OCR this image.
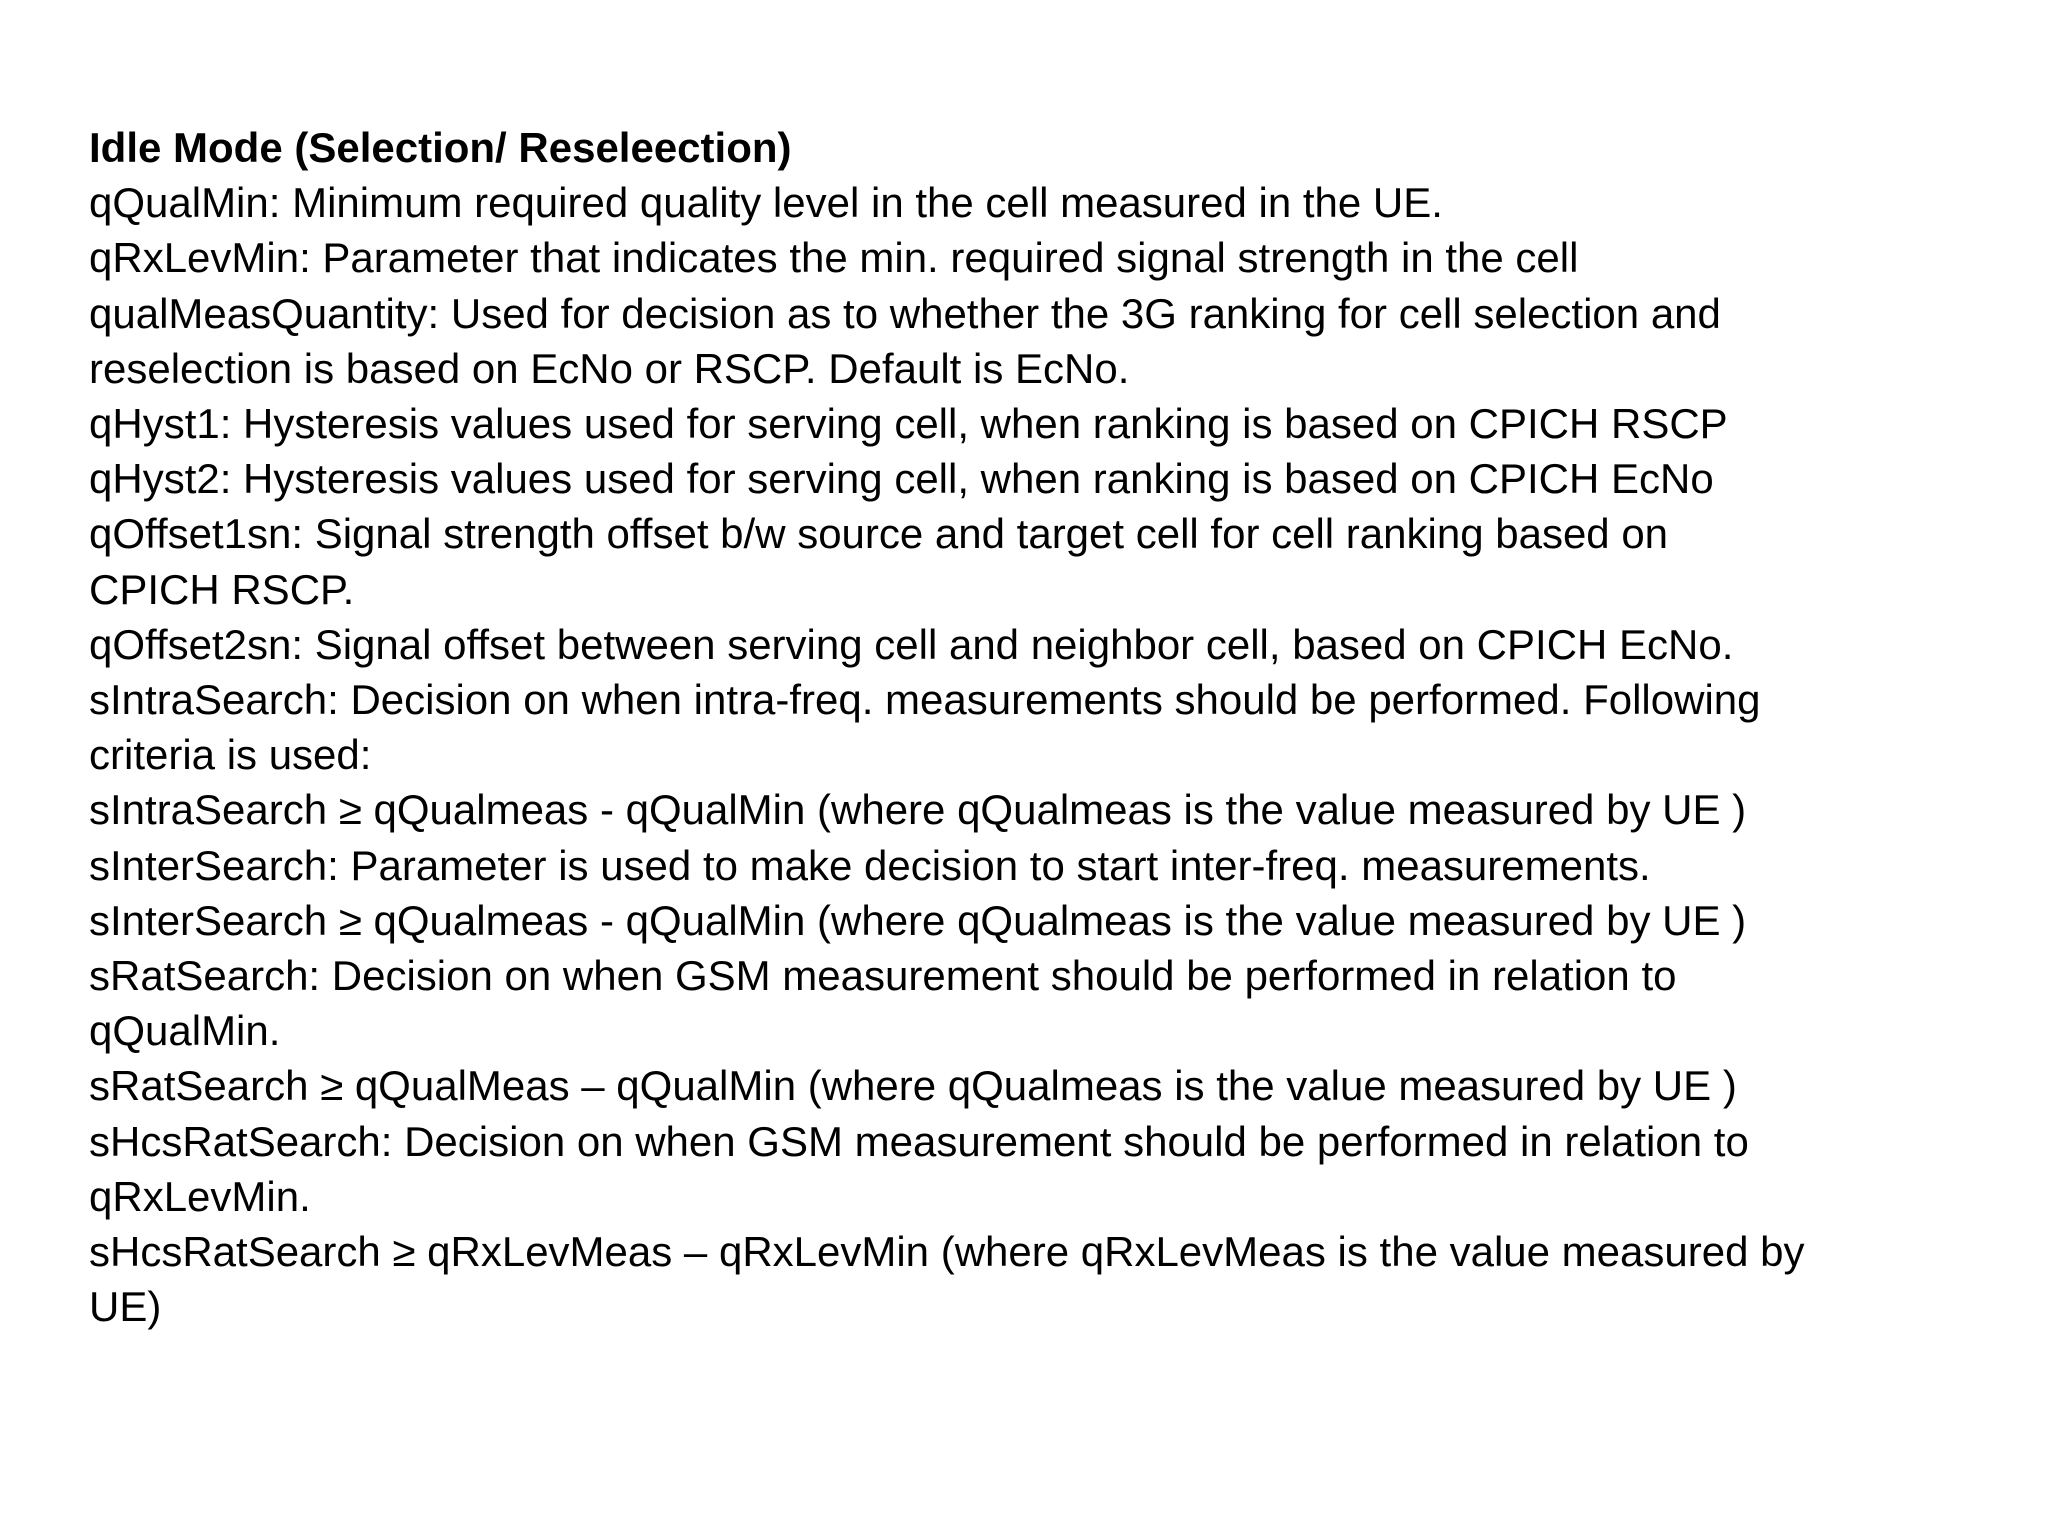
Idle Mode (Selection/ Reseleection)
qQualMin: Minimum required quality level in the cell measured in the UE.
qRxLevMin: Parameter that indicates the min. required signal strength in the cell
qualMeasQuantity: Used for decision as to whether the 3G ranking for cell selection and
reselection is based on EcNo or RSCP. Default is EcNo.
qHyst1: Hysteresis values used for serving cell, when ranking is based on CPICH RSCP
qHyst2: Hysteresis values used for serving cell, when ranking is based on CPICH EcNo
qOffset1sn: Signal strength offset b/w source and target cell for cell ranking based on
CPICH RSCP.
qOffset2sn: Signal offset between serving cell and neighbor cell, based on CPICH EcNo.
sIntraSearch: Decision on when intra-freq. measurements should be performed. Following
criteria is used:
sIntraSearch ≥ qQualmeas - qQualMin (where qQualmeas is the value measured by UE )
sInterSearch: Parameter is used to make decision to start inter-freq. measurements.
sInterSearch ≥ qQualmeas - qQualMin (where qQualmeas is the value measured by UE )
sRatSearch: Decision on when GSM measurement should be performed in relation to
qQualMin.
sRatSearch ≥ qQualMeas – qQualMin (where qQualmeas is the value measured by UE )
sHcsRatSearch: Decision on when GSM measurement should be performed in relation to
qRxLevMin.
sHcsRatSearch ≥ qRxLevMeas – qRxLevMin (where qRxLevMeas is the value measured by
UE)
